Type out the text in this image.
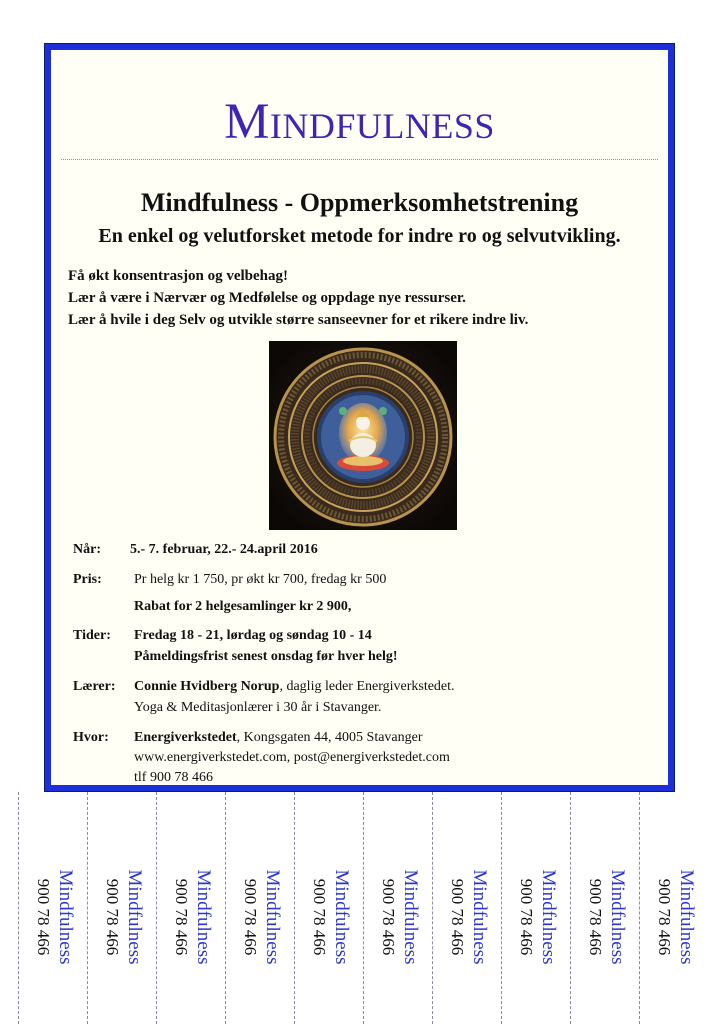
Mindfulness
Mindfulness - Oppmerksomhetstrening
En enkel og velutforsket metode for indre ro og selvutvikling.
Få økt konsentrasjon og velbehag!
Lær å være i Nærvær og Medfølelse og oppdage nye ressurser.
Lær å hvile i deg Selv og utvikle større sanseevner for et rikere indre liv.
Når: 5.- 7. februar, 22.- 24.april 2016
Pris: Pr helg kr 1 750, pr økt kr 700, fredag kr 500
Rabat for 2 helgesamlinger kr 2 900,
Tider: Fredag 18 - 21, lørdag og søndag 10 - 14
Påmeldingsfrist senest onsdag før hver helg!
Lærer: Connie Hvidberg Norup, daglig leder Energiverkstedet.
Yoga & Meditasjonlærer i 30 år i Stavanger.
Hvor: Energiverkstedet, Kongsgaten 44, 4005 Stavanger
www.energiverkstedet.com, post@energiverkstedet.com
tlf 900 78 466
Mindfulness
900 78 466	Mindfulness
900 78 466	Mindfulness
900 78 466	Mindfulness
900 78 466	Mindfulness
900 78 466	Mindfulness
900 78 466	Mindfulness
900 78 466	Mindfulness
900 78 466	Mindfulness
900 78 466	Mindfulness
900 78 466
